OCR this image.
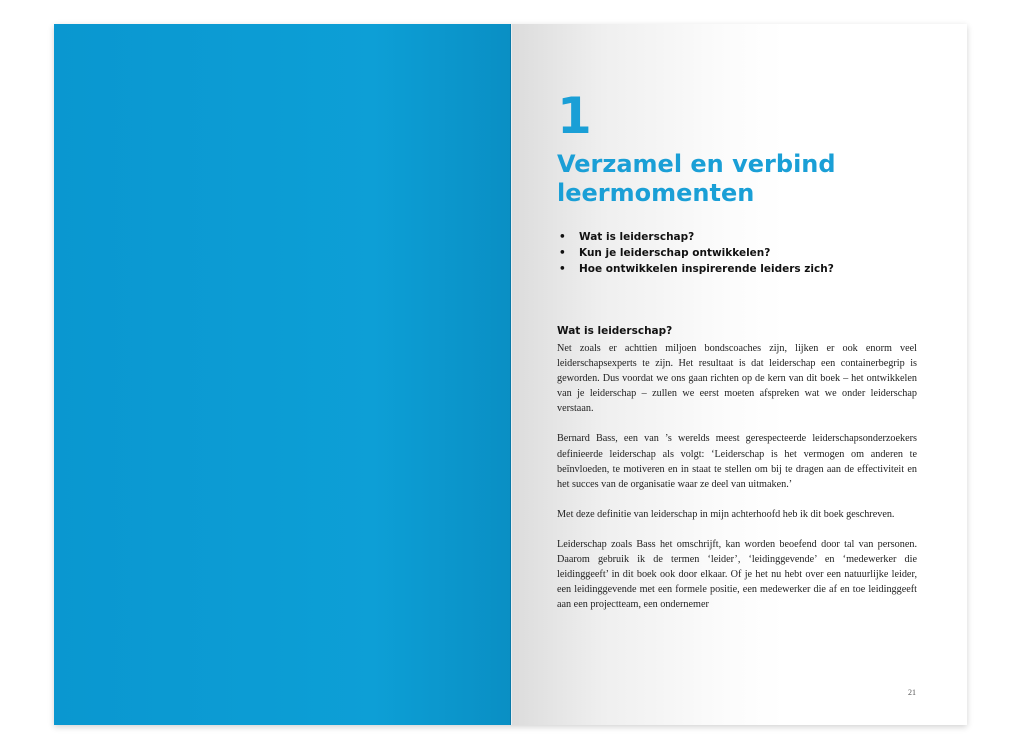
1
Verzamel en verbind
leermomenten
• Wat is leiderschap?
• Kun je leiderschap ontwikkelen?
• Hoe ontwikkelen inspirerende leiders zich?
Wat is leiderschap?

Net zoals er achttien miljoen bondscoaches zijn, lijken er ook enorm veel leiderschapsexperts te zijn. Het resultaat is dat leiderschap een containerbegrip is geworden. Dus voordat we ons gaan richten op de kern van dit boek – het ontwikkelen van je leiderschap – zullen we eerst moeten afspreken wat we onder leiderschap verstaan.

Bernard Bass, een van ’s werelds meest gerespecteerde leiderschapsonderzoekers definieerde leiderschap als volgt: ‘Leiderschap is het vermogen om anderen te beïnvloeden, te motiveren en in staat te stellen om bij te dragen aan de effectiviteit en het succes van de organisatie waar ze deel van uitmaken.’

Met deze definitie van leiderschap in mijn achterhoofd heb ik dit boek geschreven.

Leiderschap zoals Bass het omschrijft, kan worden beoefend door tal van personen. Daarom gebruik ik de termen ‘leider’, ‘leidinggevende’ en ‘medewerker die leidinggeeft’ in dit boek ook door elkaar. Of je het nu hebt over een natuurlijke leider, een leidinggevende met een formele positie, een medewerker die af en toe leidinggeeft aan een projectteam, een ondernemer

21
